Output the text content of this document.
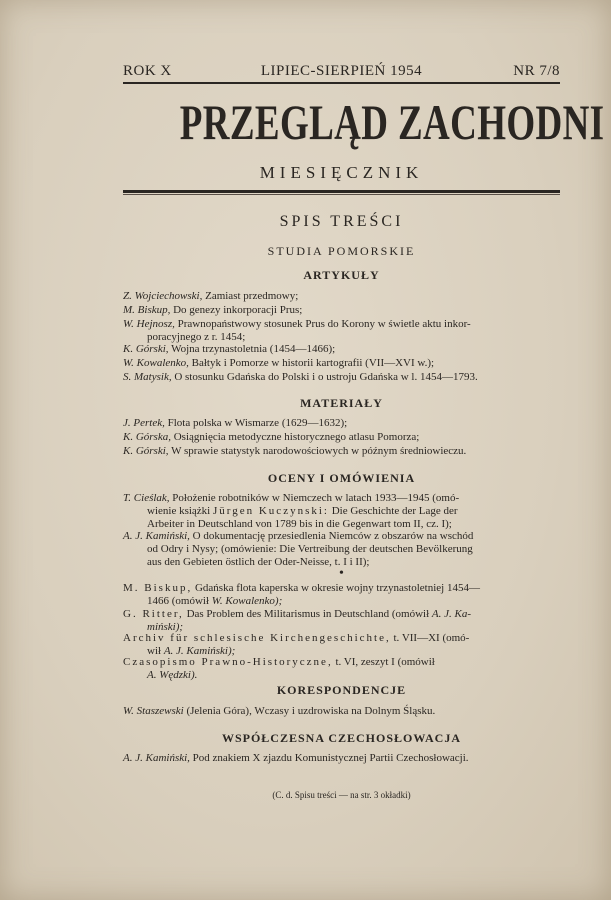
ROK X	LIPIEC-SIERPIEŃ 1954	NR 7/8
PRZEGLĄD ZACHODNI
MIESIĘCZNIK
SPIS TREŚCI
STUDIA POMORSKIE
ARTYKUŁY
Z. Wojciechowski, Zamiast przedmowy;
M. Biskup, Do genezy inkorporacji Prus;
W. Hejnosz, Prawnopaństwowy stosunek Prus do Korony w świetle aktu inkor-
poracyjnego z r. 1454;
K. Górski, Wojna trzynastoletnia (1454—1466);
W. Kowalenko, Bałtyk i Pomorze w historii kartografii (VII—XVI w.);
S. Matysik, O stosunku Gdańska do Polski i o ustroju Gdańska w l. 1454—1793.
MATERIAŁY
J. Pertek, Flota polska w Wismarze (1629—1632);
K. Górska, Osiągnięcia metodyczne historycznego atlasu Pomorza;
K. Górski, W sprawie statystyk narodowościowych w późnym średniowieczu.
OCENY I OMÓWIENIA
T. Cieślak, Położenie robotników w Niemczech w latach 1933—1945 (omó-
wienie książki Jürgen Kuczynski: Die Geschichte der Lage der
Arbeiter in Deutschland von 1789 bis in die Gegenwart tom II, cz. I);
A. J. Kamiński, O dokumentację przesiedlenia Niemców z obszarów na wschód
od Odry i Nysy; (omówienie: Die Vertreibung der deutschen Bevölkerung
aus den Gebieten östlich der Oder-Neisse, t. I i II);
•
M. Biskup, Gdańska flota kaperska w okresie wojny trzynastoletniej 1454—
1466 (omówił W. Kowalenko);
G. Ritter, Das Problem des Militarismus in Deutschland (omówił A. J. Ka-
miński);
Archiv für schlesische Kirchengeschichte, t. VII—XI (omó-
wił A. J. Kamiński);
Czasopismo Prawno-Historyczne, t. VI, zeszyt I (omówił
A. Wędzki).
KORESPONDENCJE
W. Staszewski (Jelenia Góra), Wczasy i uzdrowiska na Dolnym Śląsku.
WSPÓŁCZESNA CZECHOSŁOWACJA
A. J. Kamiński, Pod znakiem X zjazdu Komunistycznej Partii Czechosłowacji.
(C. d. Spisu treści — na str. 3 okładki)
